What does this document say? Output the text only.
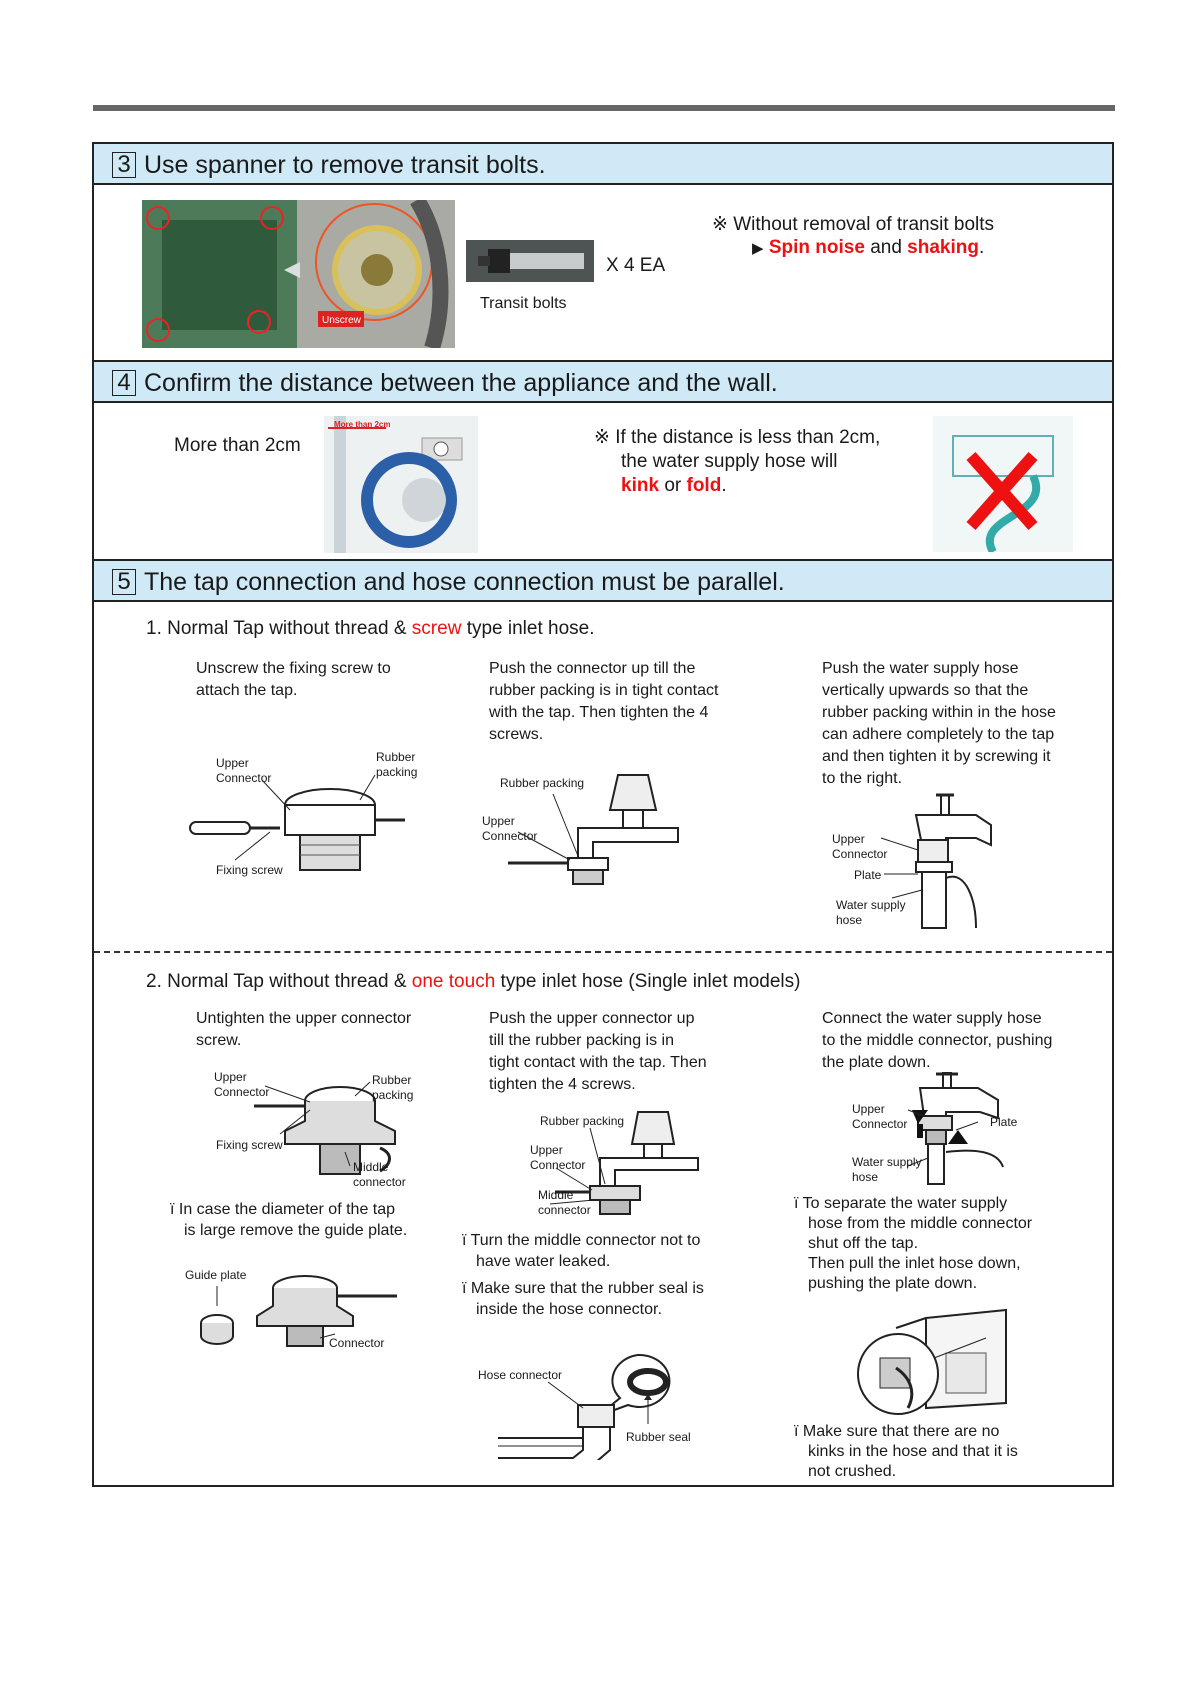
3 Use spanner to remove transit bolts.
Unscrew
X 4 EA
Transit bolts
※ Without removal of transit bolts
▶ Spin noise and shaking.
4 Confirm the distance between the appliance and the wall.
More than 2cm
More than 2cm
※ If the distance is less than 2cm,
the water supply hose will
kink or fold.
5 The tap connection and hose connection must be parallel.
1. Normal Tap without thread & screw type inlet hose.
Unscrew the fixing screw to
attach the tap.
Push the connector up till the
rubber packing is in tight contact
with the tap. Then tighten the 4
screws.
Push the water supply hose
vertically upwards so that the
rubber packing within in the hose
can adhere completely to the tap
and then tighten it by screwing it
to the right.
Upper
Connector
Rubber
packing
Fixing screw
Rubber packing
Upper
Connector	Upper
Connector
Plate
Water supply
hose
2. Normal Tap without thread & one touch type inlet hose (Single inlet models)
Untighten the upper connector
screw.
Push the upper connector up
till the rubber packing is in
tight contact with the tap. Then
tighten the 4 screws.
Connect the water supply hose
to the middle connector, pushing
the plate down.
Upper
Connector
Rubber
packing
Fixing screw
Middle
connector
ï In case the diameter of the tap
is large remove the guide plate.
Guide plate
Connector
Rubber packing
Upper
Connector
Middle
connector
ï Turn the middle connector not to
have water leaked.
ï Make sure that the rubber seal is
inside the hose connector.
Hose connector
Rubber seal
Upper
Connector	Plate
Water supply
hose
ï To separate the water supply
hose from the middle connector
shut off the tap.
Then pull the inlet hose down,
pushing the plate down.
ï Make sure that there are no
kinks in the hose and that it is
not crushed.
